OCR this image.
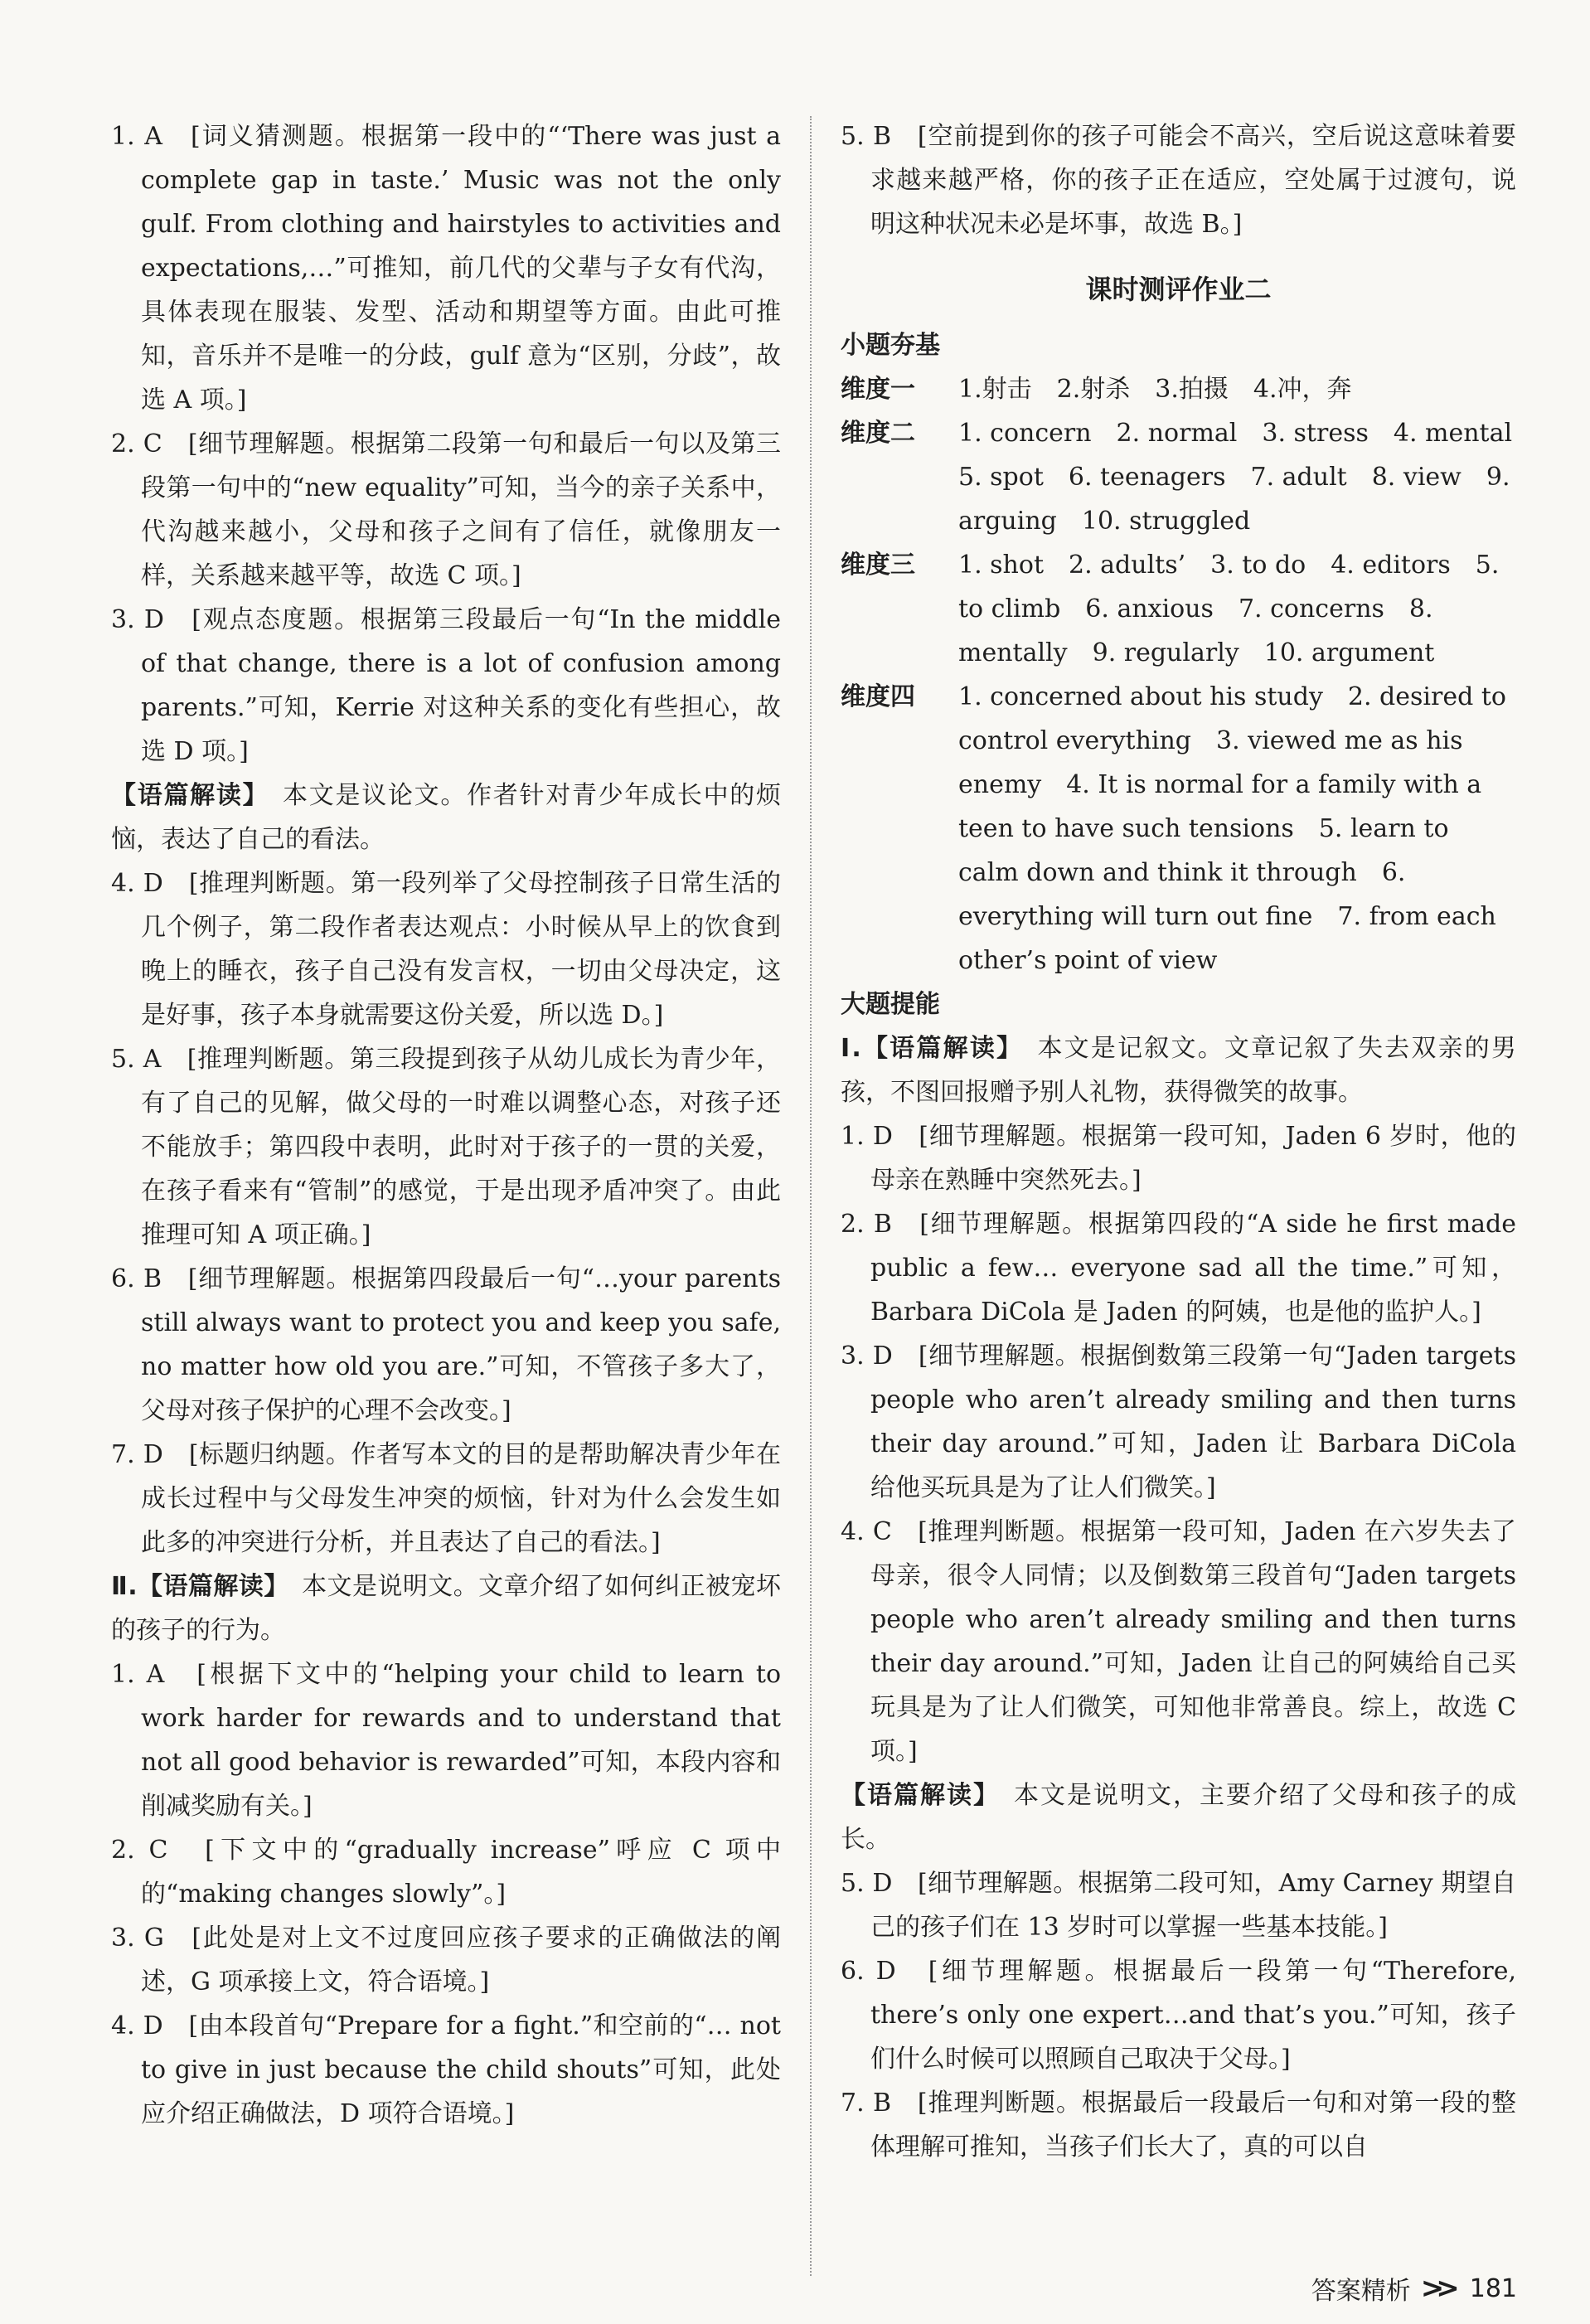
1. A　[词义猜测题。根据第一段中的“‘There was just a complete gap in taste.’ Music was not the only gulf. From clothing and hairstyles to activities and expectations,…”可推知，前几代的父辈与子女有代沟，具体表现在服装、发型、活动和期望等方面。由此可推知，音乐并不是唯一的分歧，gulf 意为“区别，分歧”，故选 A 项。]

2. C　[细节理解题。根据第二段第一句和最后一句以及第三段第一句中的“new equality”可知，当今的亲子关系中，代沟越来越小，父母和孩子之间有了信任，就像朋友一样，关系越来越平等，故选 C 项。]

3. D　[观点态度题。根据第三段最后一句“In the middle of that change, there is a lot of confusion among parents.”可知，Kerrie 对这种关系的变化有些担心，故选 D 项。]

【语篇解读】　本文是议论文。作者针对青少年成长中的烦恼，表达了自己的看法。

4. D　[推理判断题。第一段列举了父母控制孩子日常生活的几个例子，第二段作者表达观点：小时候从早上的饮食到晚上的睡衣，孩子自己没有发言权，一切由父母决定，这是好事，孩子本身就需要这份关爱，所以选 D。]

5. A　[推理判断题。第三段提到孩子从幼儿成长为青少年，有了自己的见解，做父母的一时难以调整心态，对孩子还不能放手；第四段中表明，此时对于孩子的一贯的关爱，在孩子看来有“管制”的感觉，于是出现矛盾冲突了。由此推理可知 A 项正确。]

6. B　[细节理解题。根据第四段最后一句“…your parents still always want to protect you and keep you safe, no matter how old you are.”可知，不管孩子多大了，父母对孩子保护的心理不会改变。]

7. D　[标题归纳题。作者写本文的目的是帮助解决青少年在成长过程中与父母发生冲突的烦恼，针对为什么会发生如此多的冲突进行分析，并且表达了自己的看法。]

Ⅱ.【语篇解读】　本文是说明文。文章介绍了如何纠正被宠坏的孩子的行为。

1. A　[根据下文中的“helping your child to learn to work harder for rewards and to understand that not all good behavior is rewarded”可知，本段内容和削减奖励有关。]

2. C　[下文中的“gradually increase”呼应 C 项中的“making changes slowly”。]

3. G　[此处是对上文不过度回应孩子要求的正确做法的阐述，G 项承接上文，符合语境。]

4. D　[由本段首句“Prepare for a fight.”和空前的“… not to give in just because the child shouts”可知，此处应介绍正确做法，D 项符合语境。]

5. B　[空前提到你的孩子可能会不高兴，空后说这意味着要求越来越严格，你的孩子正在适应，空处属于过渡句，说明这种状况未必是坏事，故选 B。]

课时测评作业二

小题夯基

维度一 1.射击　2.射杀　3.拍摄　4.冲，奔

维度二 1. concern　2. normal　3. stress　4. mental　5. spot　6. teenagers　7. adult　8. view　9. arguing　10. struggled

维度三 1. shot　2. adults’　3. to do　4. editors　5. to climb　6. anxious　7. concerns　8. mentally　9. regularly　10. argument

维度四 1. concerned about his study　2. desired to control everything　3. viewed me as his enemy　4. It is normal for a family with a teen to have such tensions　5. learn to calm down and think it through　6. everything will turn out fine　7. from each other’s point of view

大题提能

Ⅰ.【语篇解读】　本文是记叙文。文章记叙了失去双亲的男孩，不图回报赠予别人礼物，获得微笑的故事。

1. D　[细节理解题。根据第一段可知，Jaden 6 岁时，他的母亲在熟睡中突然死去。]

2. B　[细节理解题。根据第四段的“A side he first made public a few… everyone sad all the time.”可知，Barbara DiCola 是 Jaden 的阿姨，也是他的监护人。]

3. D　[细节理解题。根据倒数第三段第一句“Jaden targets people who aren’t already smiling and then turns their day around.”可知，Jaden 让 Barbara DiCola 给他买玩具是为了让人们微笑。]

4. C　[推理判断题。根据第一段可知，Jaden 在六岁失去了母亲，很令人同情；以及倒数第三段首句“Jaden targets people who aren’t already smiling and then turns their day around.”可知，Jaden 让自己的阿姨给自己买玩具是为了让人们微笑，可知他非常善良。综上，故选 C 项。]

【语篇解读】　本文是说明文，主要介绍了父母和孩子的成长。

5. D　[细节理解题。根据第二段可知，Amy Carney 期望自己的孩子们在 13 岁时可以掌握一些基本技能。]

6. D　[细节理解题。根据最后一段第一句“Therefore, there’s only one expert…and that’s you.”可知，孩子们什么时候可以照顾自己取决于父母。]

7. B　[推理判断题。根据最后一段最后一句和对第一段的整体理解可推知，当孩子们长大了，真的可以自

答案精析 >> 181
